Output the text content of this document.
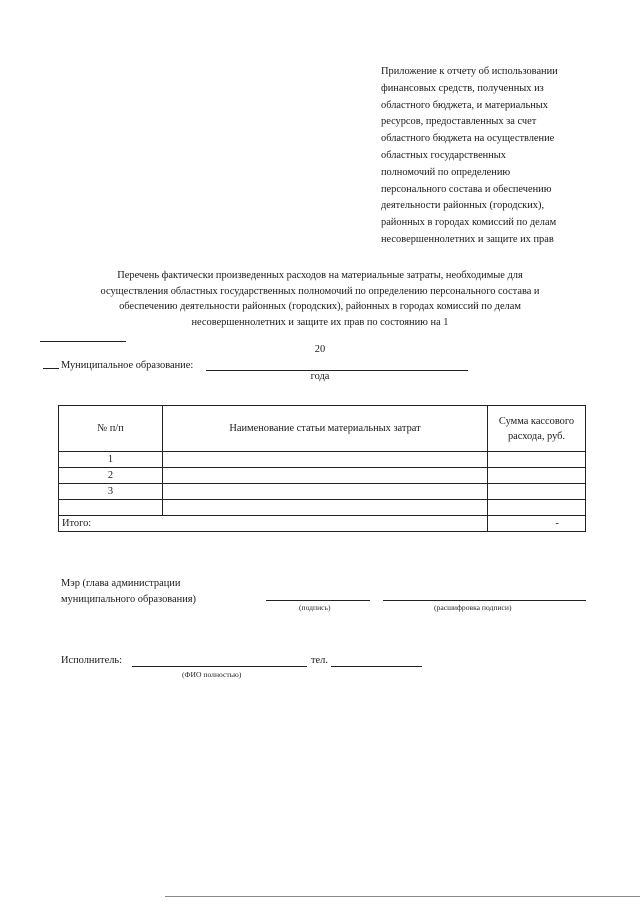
Приложение к отчету об использовании
финансовых средств, полученных из
областного бюджета, и материальных
ресурсов, предоставленных за счет
областного бюджета на осуществление
областных государственных
полномочий по определению
персонального состава и обеспечению
деятельности районных (городских),
районных в городах комиссий по делам
несовершеннолетних и защите их прав

Перечень фактически произведенных расходов на материальные затраты, необходимые для
осуществления областных государственных полномочий по определению персонального состава и
обеспечению деятельности районных (городских), районных в городах комиссий по делам
несовершеннолетних и защите их прав по состоянию на 1
20
года

Муниципальное образование:
№ п/п	Наименование статьи материальных затрат	Сумма кассового расхода, руб.
1		
2		
3		

Итого:		-

Мэр (глава администрации
муниципального образования)

(подпись)	(расшифровка подписи)
Исполнитель:
(ФИО полностью)
тел.
